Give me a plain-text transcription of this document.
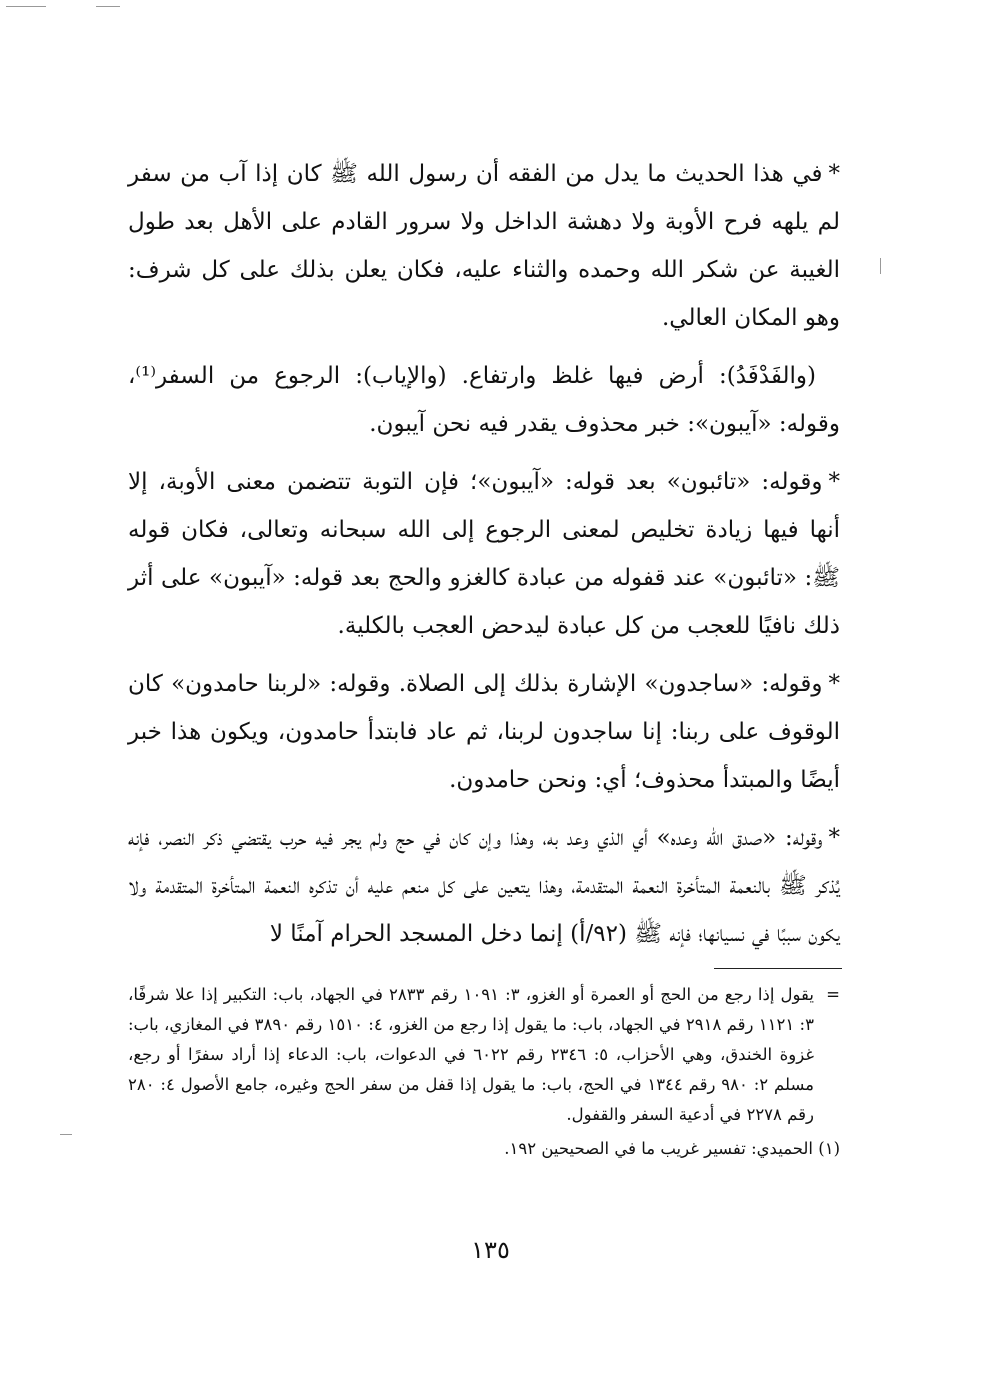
*في هذا الحديث ما يدل من الفقه أن رسول الله ﷺ كان إذا آب من سفر لم يلهه فرح الأوبة ولا دهشة الداخل ولا سرور القادم على الأهل بعد طول الغيبة عن شكر الله وحمده والثناء عليه، فكان يعلن بذلك على كل شرف: وهو المكان العالي.

(والفَدْفَدُ): أرض فيها غلظ وارتفاع. (والإياب): الرجوع من السفر⁽¹⁾، وقوله: «آيبون»: خبر محذوف يقدر فيه نحن آيبون.

*وقوله: «تائبون» بعد قوله: «آيبون»؛ فإن التوبة تتضمن معنى الأوبة، إلا أنها فيها زيادة تخليص لمعنى الرجوع إلى الله سبحانه وتعالى، فكان قوله ﷺ: «تائبون» عند قفوله من عبادة كالغزو والحج بعد قوله: «آيبون» على أثر ذلك نافيًا للعجب من كل عبادة ليدحض العجب بالكلية.

*وقوله: «ساجدون» الإشارة بذلك إلى الصلاة. وقوله: «لربنا حامدون» كان الوقوف على ربنا: إنا ساجدون لربنا، ثم عاد فابتدأ حامدون، ويكون هذا خبر أيضًا والمبتدأ محذوف؛ أي: ونحن حامدون.

*وقوله: «صدق الله وعده» أي الذي وعد به، وهذا وإن كان في حج ولم يجر فيه حرب يقتضي ذكر النصر، فإنه يُذكر ﷺ بالنعمة المتأخرة النعمة المتقدمة، وهذا يتعين على كل منعم عليه أن تذكره النعمة المتأخرة المتقدمة ولا يكون سببًا في نسيانها؛ فإنه ﷺ (٩٢/أ) إنما دخل المسجد الحرام آمنًا لا

=
يقول إذا رجع من الحج أو العمرة أو الغزو، ٣: ١٠٩١ رقم ٢٨٣٣ في الجهاد، باب: التكبير إذا علا شرفًا، ٣: ١١٢١ رقم ٢٩١٨ في الجهاد، باب: ما يقول إذا رجع من الغزو، ٤: ١٥١٠ رقم ٣٨٩٠ في المغازي، باب: غزوة الخندق، وهي الأحزاب، ٥: ٢٣٤٦ رقم ٦٠٢٢ في الدعوات، باب: الدعاء إذا أراد سفرًا أو رجع، مسلم ٢: ٩٨٠ رقم ١٣٤٤ في الحج، باب: ما يقول إذا قفل من سفر الحج وغيره، جامع الأصول ٤: ٢٨٠ رقم ٢٢٧٨ في أدعية السفر والقفول.

(١) الحميدي: تفسير غريب ما في الصحيحين ١٩٢.

١٣٥
